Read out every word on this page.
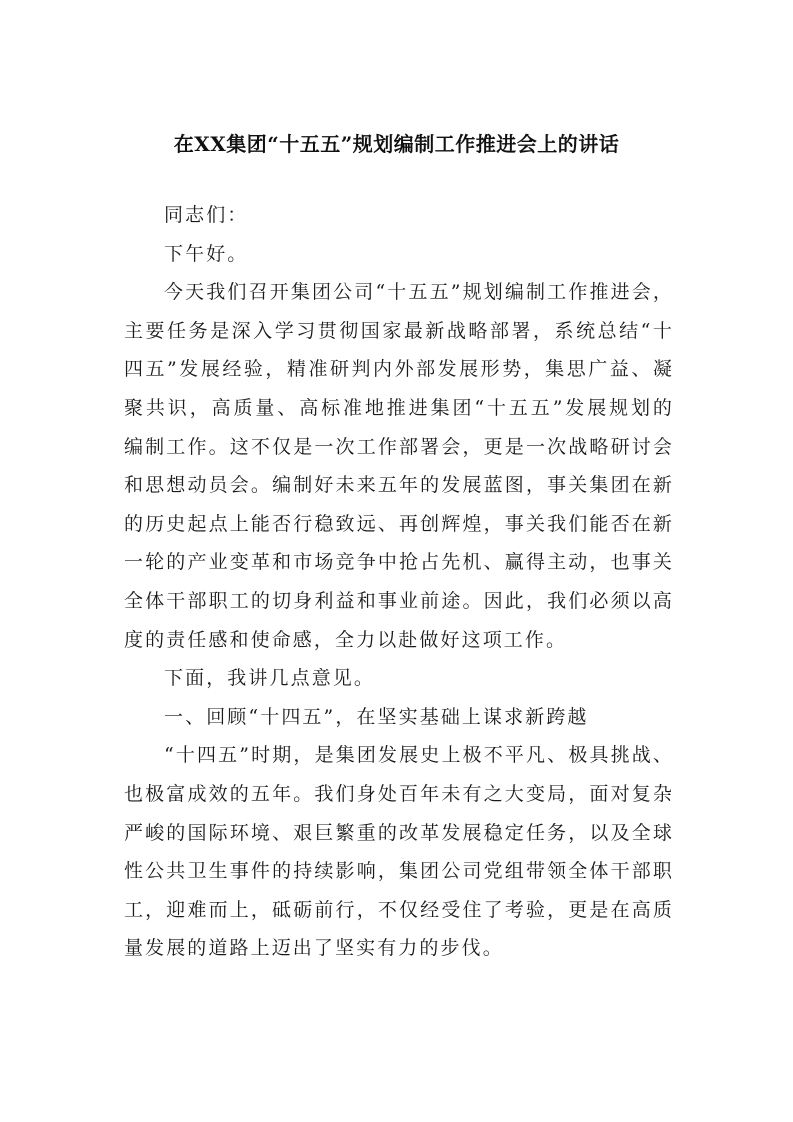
在XX集团“十五五”规划编制工作推进会上的讲话

同志们：

下午好。

今天我们召开集团公司“十五五”规划编制工作推进会，主要任务是深入学习贯彻国家最新战略部署，系统总结“十四五”发展经验，精准研判内外部发展形势，集思广益、凝聚共识，高质量、高标准地推进集团“十五五”发展规划的编制工作。这不仅是一次工作部署会，更是一次战略研讨会和思想动员会。编制好未来五年的发展蓝图，事关集团在新的历史起点上能否行稳致远、再创辉煌，事关我们能否在新一轮的产业变革和市场竞争中抢占先机、赢得主动，也事关全体干部职工的切身利益和事业前途。因此，我们必须以高度的责任感和使命感，全力以赴做好这项工作。

下面，我讲几点意见。

一、回顾“十四五”，在坚实基础上谋求新跨越

“十四五”时期，是集团发展史上极不平凡、极具挑战、也极富成效的五年。我们身处百年未有之大变局，面对复杂严峻的国际环境、艰巨繁重的改革发展稳定任务，以及全球性公共卫生事件的持续影响，集团公司党组带领全体干部职工，迎难而上，砥砺前行，不仅经受住了考验，更是在高质量发展的道路上迈出了坚实有力的步伐。
